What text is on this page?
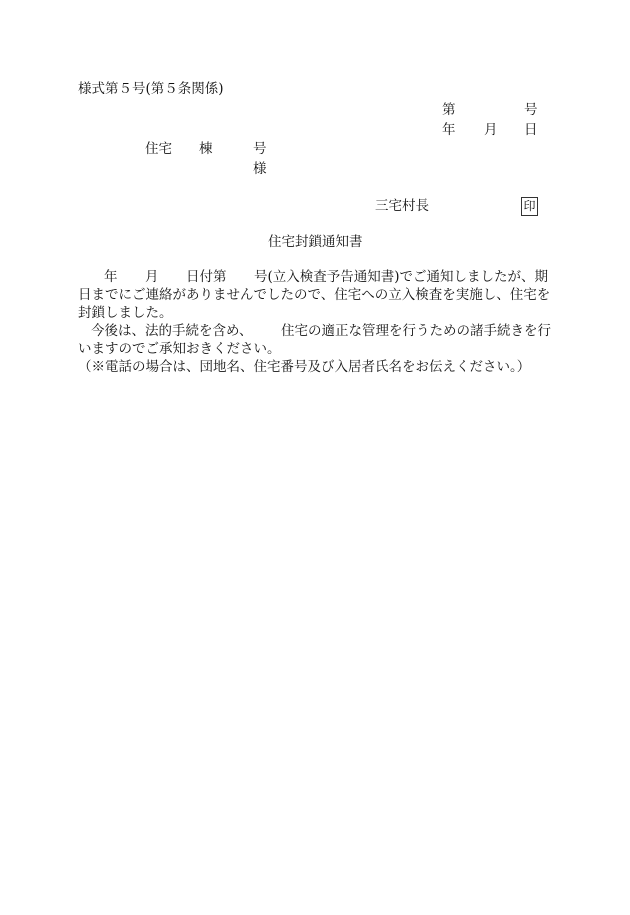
様式第５号(第５条関係)
第	号
年 月 日
住宅 棟	号
様
三宅村長	印
住宅封鎖通知書
年 月 日付第 号(立入検査予告通知書)でご通知しましたが、期
日までにご連絡がありませんでしたので、住宅への立入検査を実施し、住宅を
封鎖しました。
今後は、法的手続を含め、 住宅の適正な管理を行うための諸手続きを行
いますのでご承知おきください。
（※電話の場合は、団地名、住宅番号及び入居者氏名をお伝えください。）
